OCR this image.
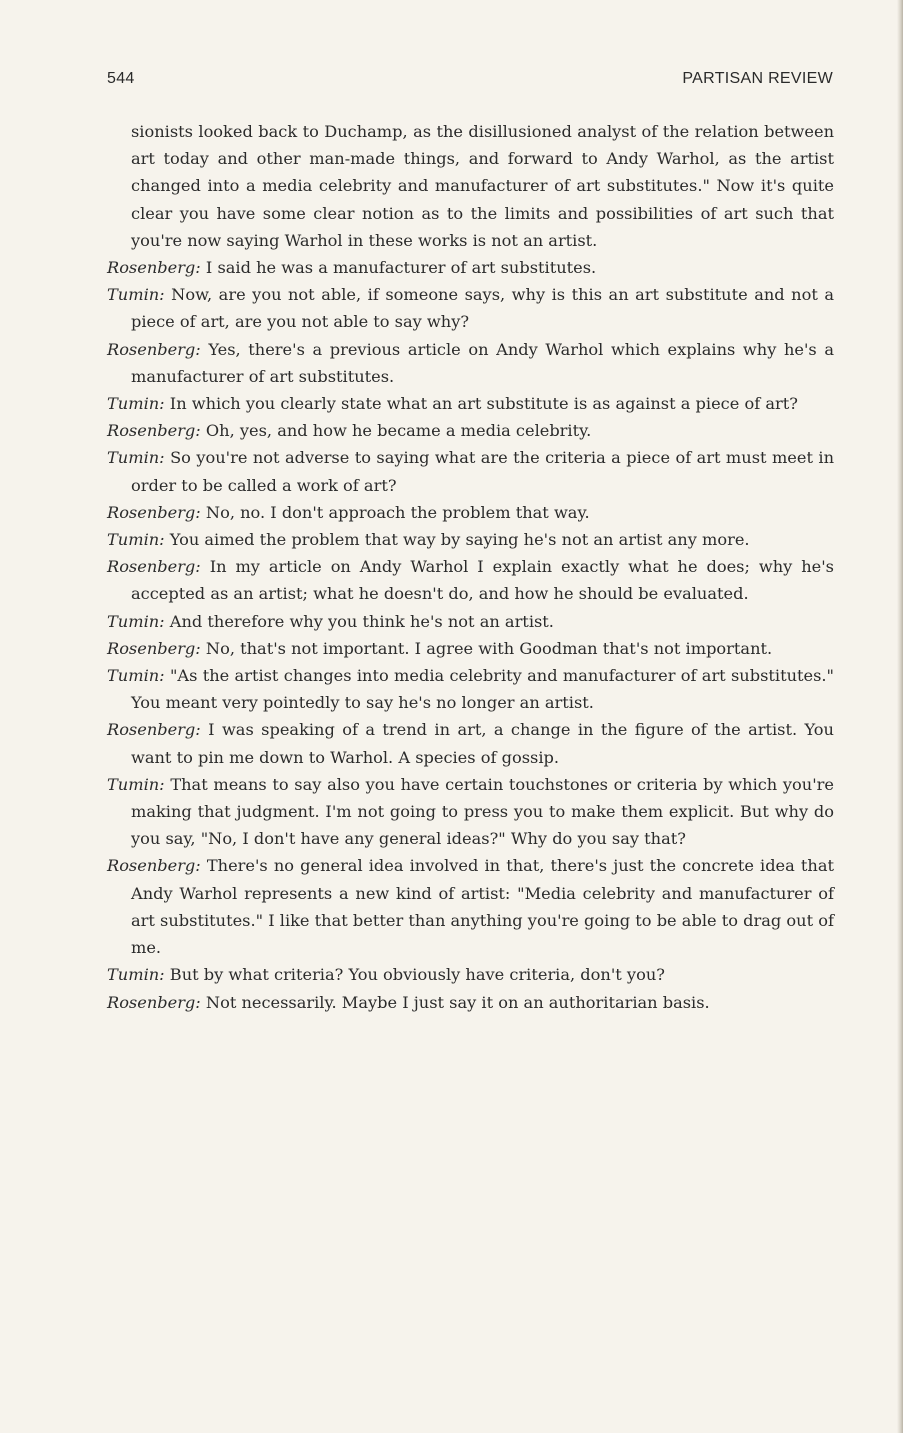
544	PARTISAN REVIEW

sionists looked back to Duchamp, as the disillusioned analyst of the relation between art today and other man-made things, and forward to Andy Warhol, as the artist changed into a media celebrity and manufacturer of art substitutes." Now it's quite clear you have some clear notion as to the limits and possibilities of art such that you're now saying Warhol in these works is not an artist.

Rosenberg: I said he was a manufacturer of art substitutes.

Tumin: Now, are you not able, if someone says, why is this an art substitute and not a piece of art, are you not able to say why?

Rosenberg: Yes, there's a previous article on Andy Warhol which explains why he's a manufacturer of art substitutes.

Tumin: In which you clearly state what an art substitute is as against a piece of art?

Rosenberg: Oh, yes, and how he became a media celebrity.

Tumin: So you're not adverse to saying what are the criteria a piece of art must meet in order to be called a work of art?

Rosenberg: No, no. I don't approach the problem that way.

Tumin: You aimed the problem that way by saying he's not an artist any more.

Rosenberg: In my article on Andy Warhol I explain exactly what he does; why he's accepted as an artist; what he doesn't do, and how he should be evaluated.

Tumin: And therefore why you think he's not an artist.

Rosenberg: No, that's not important. I agree with Goodman that's not important.

Tumin: "As the artist changes into media celebrity and manufacturer of art substitutes." You meant very pointedly to say he's no longer an artist.

Rosenberg: I was speaking of a trend in art, a change in the figure of the artist. You want to pin me down to Warhol. A species of gossip.

Tumin: That means to say also you have certain touchstones or criteria by which you're making that judgment. I'm not going to press you to make them explicit. But why do you say, "No, I don't have any general ideas?" Why do you say that?

Rosenberg: There's no general idea involved in that, there's just the concrete idea that Andy Warhol represents a new kind of artist: "Media celebrity and manufacturer of art substitutes." I like that better than anything you're going to be able to drag out of me.

Tumin: But by what criteria? You obviously have criteria, don't you?

Rosenberg: Not necessarily. Maybe I just say it on an authoritarian basis.
